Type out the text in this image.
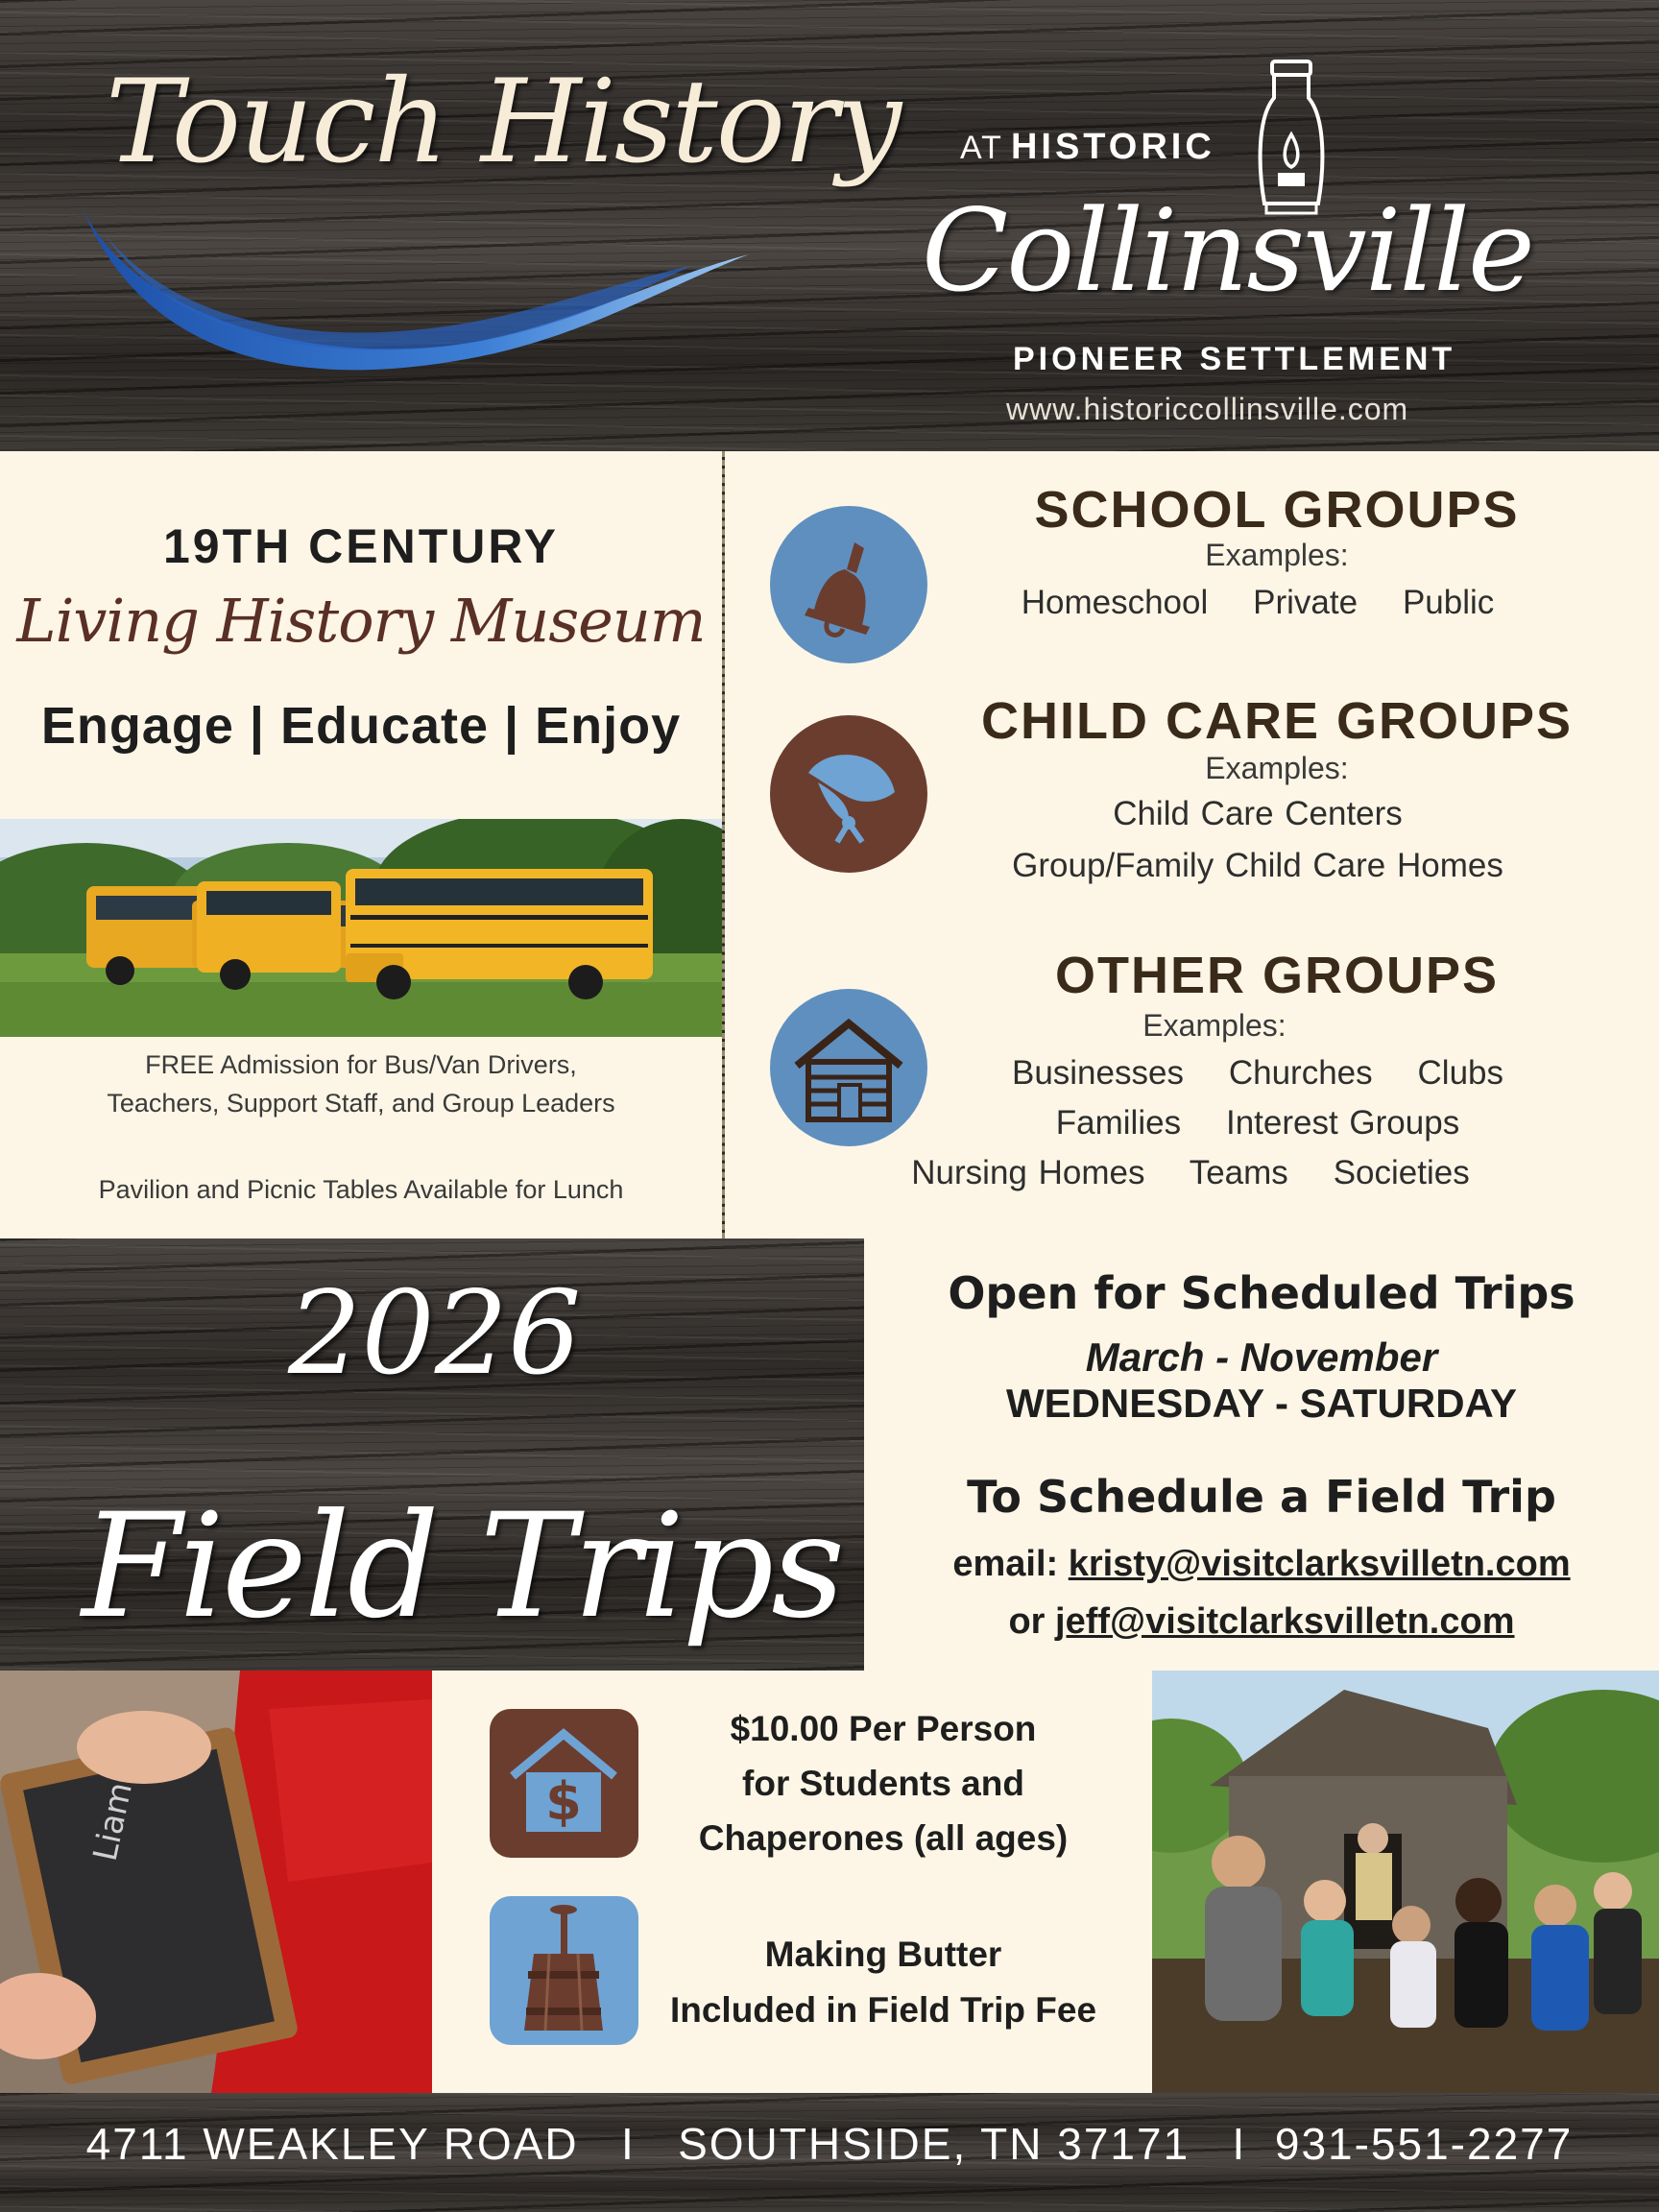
Touch History AT HISTORIC
Collinsville
PIONEER SETTLEMENT
www.historiccollinsville.com
19TH CENTURY
Living History Museum
Engage | Educate | Enjoy
FREE Admission for Bus/Van Drivers,
Teachers, Support Staff, and Group Leaders
Pavilion and Picnic Tables Available for Lunch
SCHOOL GROUPS
Examples:
Homeschool    Private    Public
CHILD CARE GROUPS
Examples:
Child Care Centers
Group/Family Child Care Homes
OTHER GROUPS
Examples:
Businesses    Churches    Clubs
Families    Interest Groups
Nursing Homes    Teams    Societies
2026
Field Trips
Open for Scheduled Trips
March - November
WEDNESDAY - SATURDAY
To Schedule a Field Trip
email: kristy@visitclarksvilletn.com
or jeff@visitclarksvilletn.com
Liam	$
$10.00 Per Person
for Students and
Chaperones (all ages)
Making Butter
Included in Field Trip Fee
4711 WEAKLEY ROAD   I   SOUTHSIDE, TN 37171   I  931-551-2277
